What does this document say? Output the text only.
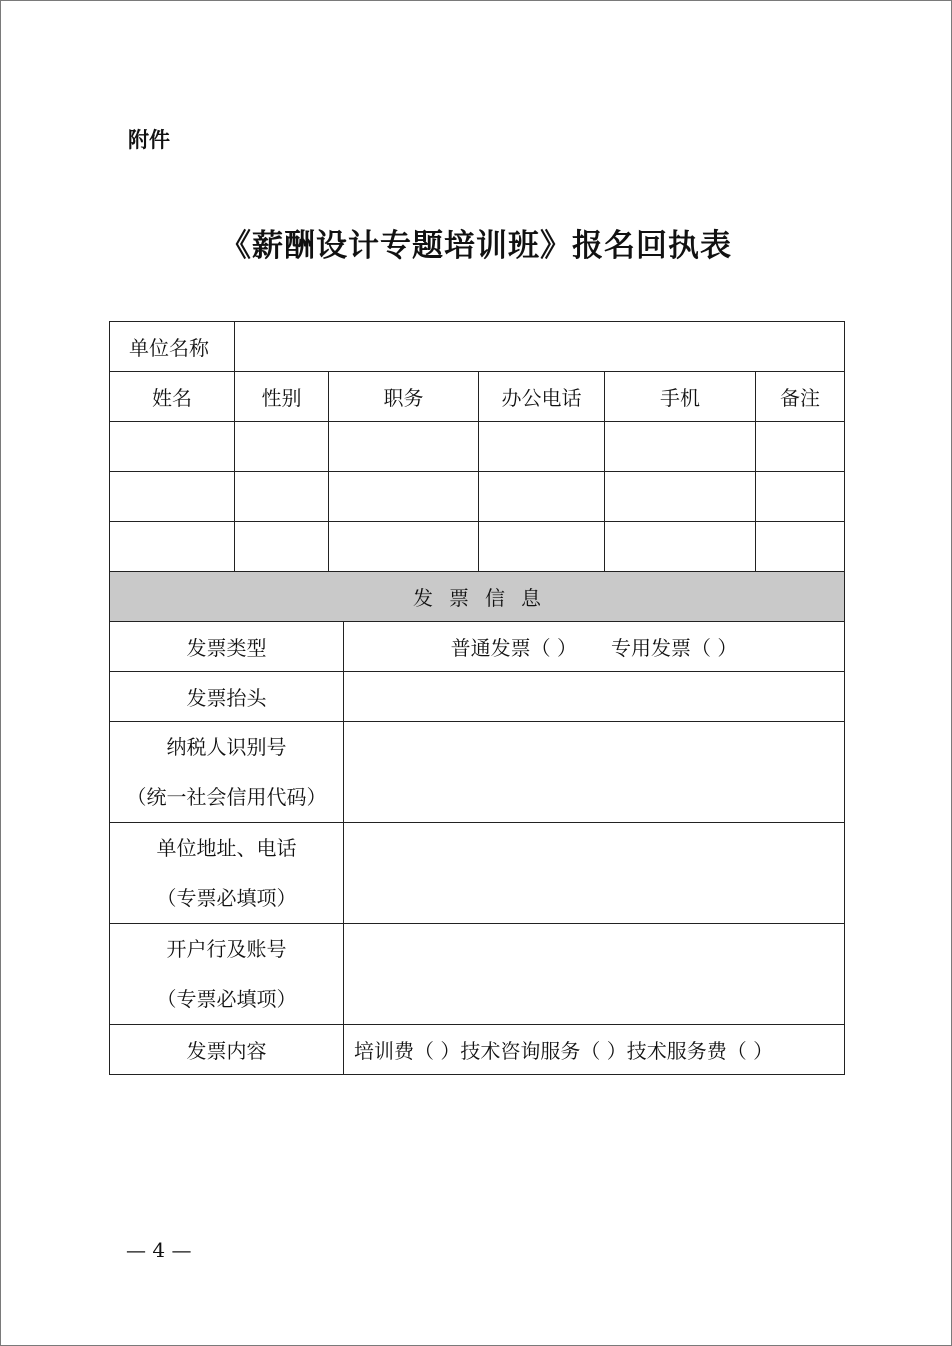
附件
《薪酬设计专题培训班》报名回执表
单位名称						
姓名	性别	职务		办公电话	手机	备注

发票信息						
发票类型			普通发票（ ） 专用发票（ ）			
发票抬头						

纳税人识别号
（统一社会信用代码）						

单位地址、电话
（专票必填项）						

开户行及账号
（专票必填项）						

发票内容			培训费（ ）技术咨询服务（ ）技术服务费（ ）			
— 4 —
